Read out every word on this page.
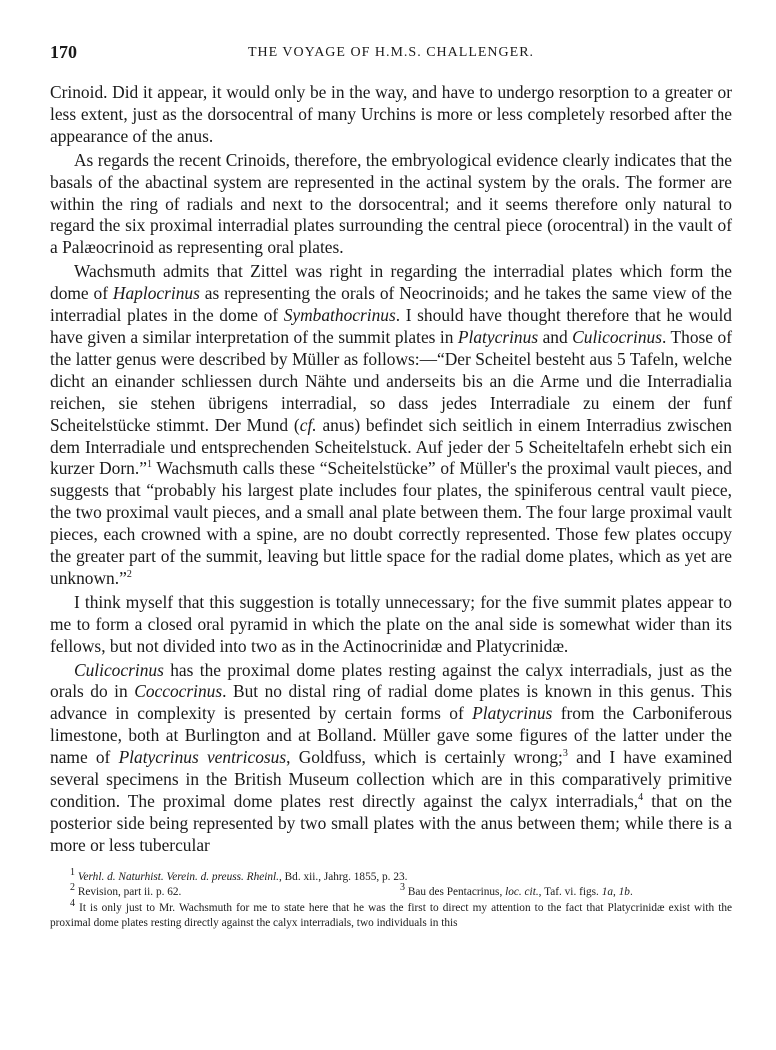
170	THE VOYAGE OF H.M.S. CHALLENGER.

Crinoid. Did it appear, it would only be in the way, and have to undergo resorption to a greater or less extent, just as the dorsocentral of many Urchins is more or less completely resorbed after the appearance of the anus.

As regards the recent Crinoids, therefore, the embryological evidence clearly indicates that the basals of the abactinal system are represented in the actinal system by the orals. The former are within the ring of radials and next to the dorsocentral; and it seems therefore only natural to regard the six proximal interradial plates surrounding the central piece (orocentral) in the vault of a Palæocrinoid as representing oral plates.

Wachsmuth admits that Zittel was right in regarding the interradial plates which form the dome of Haplocrinus as representing the orals of Neocrinoids; and he takes the same view of the interradial plates in the dome of Symbathocrinus. I should have thought therefore that he would have given a similar interpretation of the summit plates in Platycrinus and Culicocrinus. Those of the latter genus were described by Müller as follows:—“Der Scheitel besteht aus 5 Tafeln, welche dicht an einander schliessen durch Nähte und anderseits bis an die Arme und die Interradialia reichen, sie stehen übrigens interradial, so dass jedes Interradiale zu einem der funf Scheitelstücke stimmt. Der Mund (cf. anus) befindet sich seitlich in einem Interradius zwischen dem Interradiale und entsprechenden Scheitelstuck. Auf jeder der 5 Scheiteltafeln erhebt sich ein kurzer Dorn.”$^1$ Wachsmuth calls these “Scheitelstücke” of Müller's the proximal vault pieces, and suggests that “probably his largest plate includes four plates, the spiniferous central vault piece, the two proximal vault pieces, and a small anal plate between them. The four large proximal vault pieces, each crowned with a spine, are no doubt correctly represented. Those few plates occupy the greater part of the summit, leaving but little space for the radial dome plates, which as yet are unknown.”$^2$

I think myself that this suggestion is totally unnecessary; for the five summit plates appear to me to form a closed oral pyramid in which the plate on the anal side is somewhat wider than its fellows, but not divided into two as in the Actinocrinidæ and Platycrinidæ.

Culicocrinus has the proximal dome plates resting against the calyx interradials, just as the orals do in Coccocrinus. But no distal ring of radial dome plates is known in this genus. This advance in complexity is presented by certain forms of Platycrinus from the Carboniferous limestone, both at Burlington and at Bolland. Müller gave some figures of the latter under the name of Platycrinus ventricosus, Goldfuss, which is certainly wrong;$^3$ and I have examined several specimens in the British Museum collection which are in this comparatively primitive condition. The proximal dome plates rest directly against the calyx interradials,$^4$ that on the posterior side being represented by two small plates with the anus between them; while there is a more or less tubercular

$^1$ Verhl. d. Naturhist. Verein. d. preuss. Rheinl., Bd. xii., Jahrg. 1855, p. 23.
$^2$ Revision, part ii. p. 62.	$^3$ Bau des Pentacrinus, loc. cit., Taf. vi. figs. 1a, 1b.
$^4$ It is only just to Mr. Wachsmuth for me to state here that he was the first to direct my attention to the fact that Platycrinidæ exist with the proximal dome plates resting directly against the calyx interradials, two individuals in this
